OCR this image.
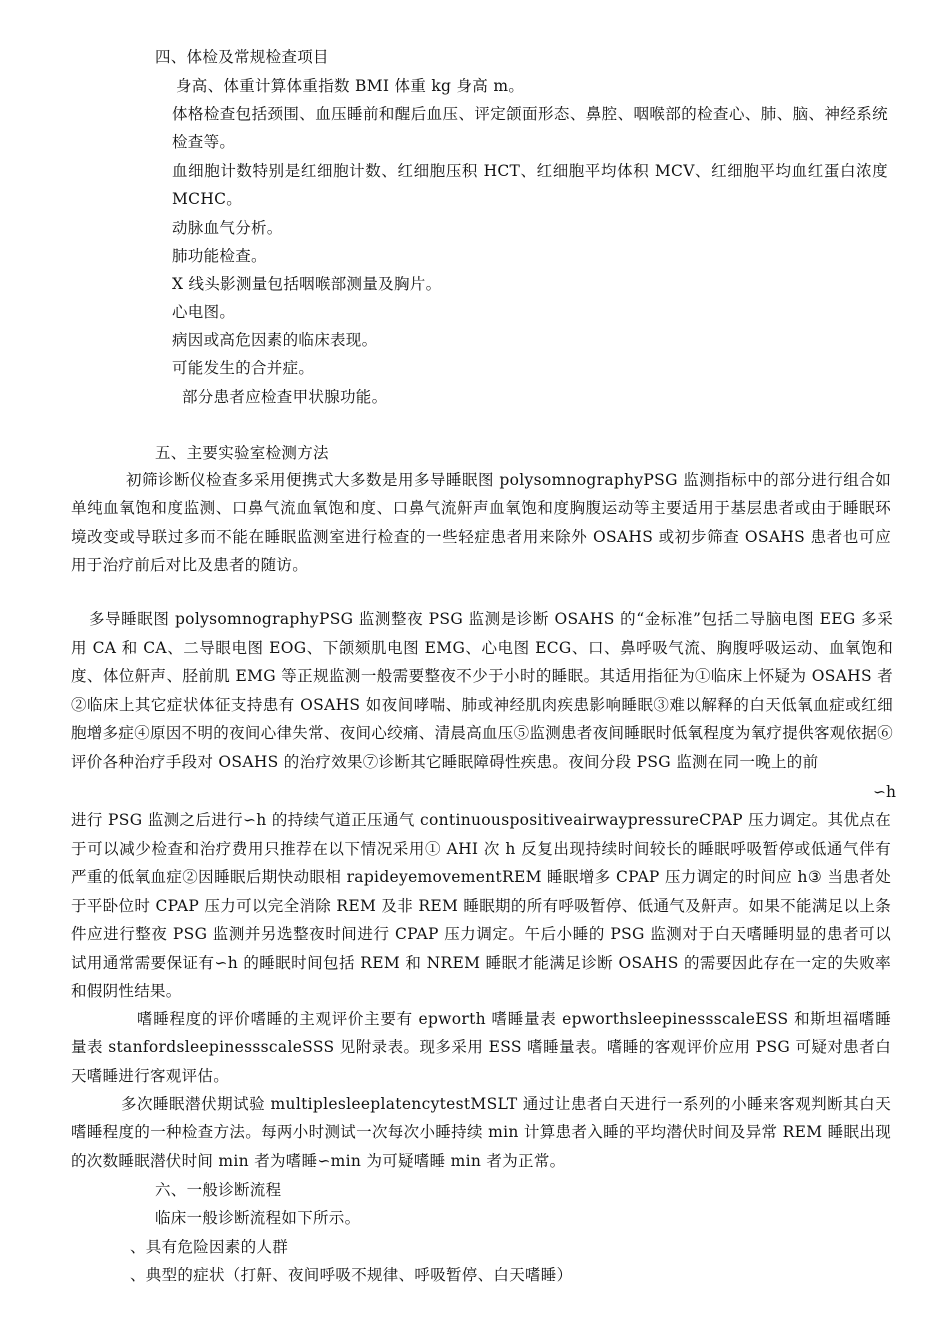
四、体检及常规检查项目
身高、体重计算体重指数 BMI 体重 kg 身高 m。
体格检查包括颈围、血压睡前和醒后血压、评定颌面形态、鼻腔、咽喉部的检查心、肺、脑、神经系统检查等。
血细胞计数特别是红细胞计数、红细胞压积 HCT、红细胞平均体积 MCV、红细胞平均血红蛋白浓度 MCHC。
动脉血气分析。
肺功能检查。
X 线头影测量包括咽喉部测量及胸片。
心电图。
病因或高危因素的临床表现。
可能发生的合并症。
部分患者应检查甲状腺功能。
五、主要实验室检测方法
初筛诊断仪检查多采用便携式大多数是用多导睡眠图 polysomnographyPSG 监测指标中的部分进行组合如单纯血氧饱和度监测、口鼻气流血氧饱和度、口鼻气流鼾声血氧饱和度胸腹运动等主要适用于基层患者或由于睡眠环境改变或导联过多而不能在睡眠监测室进行检查的一些轻症患者用来除外 OSAHS 或初步筛查 OSAHS 患者也可应用于治疗前后对比及患者的随访。
多导睡眠图 polysomnographyPSG 监测整夜 PSG 监测是诊断 OSAHS 的“金标准”包括二导脑电图 EEG 多采用 CA 和 CA、二导眼电图 EOG、下颌颏肌电图 EMG、心电图 ECG、口、鼻呼吸气流、胸腹呼吸运动、血氧饱和度、体位鼾声、胫前肌 EMG 等正规监测一般需要整夜不少于小时的睡眠。其适用指征为①临床上怀疑为 OSAHS 者②临床上其它症状体征支持患有 OSAHS 如夜间哮喘、肺或神经肌肉疾患影响睡眠③难以解释的白天低氧血症或红细胞增多症④原因不明的夜间心律失常、夜间心绞痛、清晨高血压⑤监测患者夜间睡眠时低氧程度为氧疗提供客观依据⑥评价各种治疗手段对 OSAHS 的治疗效果⑦诊断其它睡眠障碍性疾患。夜间分段 PSG 监测在同一晚上的前
∽h
进行 PSG 监测之后进行∽h 的持续气道正压通气 continuouspositiveairwaypressureCPAP 压力调定。其优点在于可以减少检查和治疗费用只推荐在以下情况采用① AHI 次 h 反复出现持续时间较长的睡眠呼吸暂停或低通气伴有严重的低氧血症②因睡眠后期快动眼相 rapideyemovementREM 睡眠增多 CPAP 压力调定的时间应 h③ 当患者处于平卧位时 CPAP 压力可以完全消除 REM 及非 REM 睡眠期的所有呼吸暂停、低通气及鼾声。如果不能满足以上条件应进行整夜 PSG 监测并另选整夜时间进行 CPAP 压力调定。午后小睡的 PSG 监测对于白天嗜睡明显的患者可以试用通常需要保证有∽h 的睡眠时间包括 REM 和 NREM 睡眠才能满足诊断 OSAHS 的需要因此存在一定的失败率和假阴性结果。
嗜睡程度的评价嗜睡的主观评价主要有 epworth 嗜睡量表 epworthsleepinessscaleESS 和斯坦福嗜睡量表 stanfordsleepinessscaleSSS 见附录表。现多采用 ESS 嗜睡量表。嗜睡的客观评价应用 PSG 可疑对患者白天嗜睡进行客观评估。
多次睡眠潜伏期试验 multiplesleeplatencytestMSLT 通过让患者白天进行一系列的小睡来客观判断其白天嗜睡程度的一种检查方法。每两小时测试一次每次小睡持续 min 计算患者入睡的平均潜伏时间及异常 REM 睡眠出现的次数睡眠潜伏时间 min 者为嗜睡∽min 为可疑嗜睡 min 者为正常。
六、一般诊断流程
临床一般诊断流程如下所示。
、具有危险因素的人群
、典型的症状（打鼾、夜间呼吸不规律、呼吸暂停、白天嗜睡）
